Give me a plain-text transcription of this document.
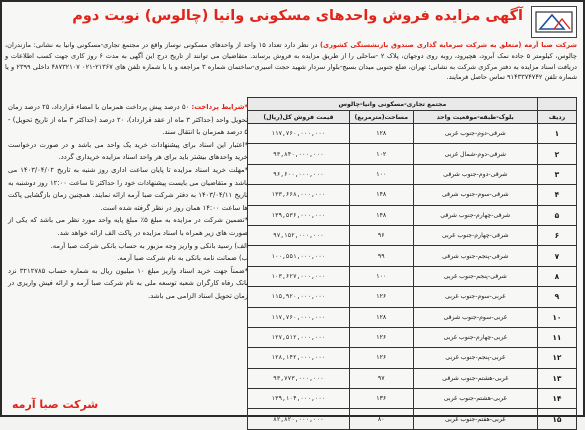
آگهی مزایده فروش واحدهای مسکونی وانیا (چالوس) نوبت دوم
شرکت صبا آرمه (متعلق به شرکت سرمایه گذاری صندوق بازنشستگی کشوری) در نظر دارد تعداد ۱۵ واحد از واحدهای مسکونی نوساز واقع در مجتمع تجاری-مسکونی وانیا به نشانی: مازندران، چالوس، کیلومتر ۵ جاده نمک آبرود، هچیرود، روبه روی دوجهان، پلاک ۲ -ساحلی را از طریق مزایده به فروش برساند. متقاضیان می توانند از تاریخ درج این آگهی به مدت ۶ روز کاری جهت کسب اطلاعات و دریافت اسناد مزایده به دفتر مرکزی شرکت به نشانی: تهران، ضلع جنوبی میدان بسیج-بلوار سردار شهید حجت اسیری-ساختمان شماره ۳ مراجعه و یا با شماره تلفن های ۲۱۳۶۷-۰۲۱ ۴۸۷۳۲۱۰۷ داخلی ۲۳۹۹ و یا شماره تلفن ۹۱۴۳۳۷۴۷۴۲ تماس حاصل فرمایند.
	مجتمع تجاری-مسکونی وانیا-چالوس		
ردیف	بلوک-طبقه-موقعیت واحد	مساحت(مترمربع)	قیمت فروش کل(ریال)
۱	شرقی-دوم-جنوب غربی	۱۲۸	۱۱۷,۷۶۰,۰۰۰,۰۰۰
۲	شرقی-دوم-شمال غربی	۱۰۲	۹۳,۸۴۰,۰۰۰,۰۰۰
۳	شرقی-دوم-جنوب شرقی	۱۰۰	۹۶,۶۰۰,۰۰۰,۰۰۰
۴	شرقی-سوم-جنوب شرقی	۱۴۸	۱۳۳,۶۶۸,۰۰۰,۰۰۰
۵	شرقی-چهارم-جنوب شرقی	۱۴۸	۱۳۹,۵۳۶,۰۰۰,۰۰۰
۶	شرقی-چهارم-جنوب غربی	۹۶	۹۷,۱۵۲,۰۰۰,۰۰۰
۷	شرقی-پنجم-جنوب شرقی	۹۹	۱۰۰,۵۵۱,۰۰۰,۰۰۰
۸	شرقی-پنجم-جنوب غربی	۱۰۰	۱۰۳,۶۲۷,۰۰۰,۰۰۰
۹	غربی-سوم-جنوب غربی	۱۲۶	۱۱۵,۹۲۰,۰۰۰,۰۰۰
۱۰	غربی-سوم-جنوب شرقی	۱۲۸	۱۱۷,۷۶۰,۰۰۰,۰۰۰
۱۱	غربی-چهارم-جنوب غربی	۱۲۶	۱۲۷,۵۱۲,۰۰۰,۰۰۰
۱۲	غربی-پنجم-جنوب غربی	۱۲۶	۱۲۸,۱۴۲,۰۰۰,۰۰۰
۱۳	غربی-هشتم-جنوب شرقی	۹۷	۹۳,۷۷۳,۰۰۰,۰۰۰
۱۴	غربی-هشتم-جنوب غربی	۱۳۶	۱۳۹,۱۰۴,۰۰۰,۰۰۰
۱۵	غربی-هفتم-جنوب غربی	۸۰	۸۲,۸۲۰,۰۰۰,۰۰۰
*شرایط پرداخت: ۵۰ درصد پیش پرداخت همزمان با امضاء قرارداد، ۲۵ درصد زمان تحویل واحد (حداکثر ۳ ماه از عقد قرارداد)، ۲۰ درصد (حداکثر ۳ ماه از تاریخ تحویل) - ۵ درصد همزمان با انتقال سند.
*اعتبار این اسناد برای پیشنهادات خرید یک واحد می باشد و در صورت درخواست خرید واحدهای بیشتر باید برای هر واحد اسناد مزایده خریداری گردد.
*مهلت خرید اسناد مزایده تا پایان ساعت اداری روز شنبه به تاریخ ۱۴۰۳/۰۴/۰۲ می باشد و متقاضیان می بایست پیشنهادات خود را حداکثر تا ساعت ۱۲:۰۰ روز دوشنبه به تاریخ ۱۴۰۳/۰۴/۱۱ به دفتر شرکت صبا آرمه ارائه نمایند. همچنین زمان بازگشایی پاکت ها ساعت ۱۴:۰۰ همان روز در نظر گرفته شده است.
*تضمین شرکت در مزایده به مبلغ ۵٪ مبلغ پایه واحد مورد نظر می باشد که یکی از صورت های زیر همراه با اسناد مزایده در پاکت الف ارائه خواهد شد.
الف) رسید بانکی و واریز وجه مزبور به حساب بانکی شرکت صبا آرمه.
ب) ضمانت نامه بانکی به نام شرکت صبا آرمه.
*ضمناً جهت خرید اسناد واریز مبلغ ۱۰ میلیون ریال به شماره حساب ۳۲۱۲۷۸۵ نزد بانک رفاه کارگران شعبه توسعه ملی به نام شرکت صبا آرمه و ارائه فیش واریزی در زمان تحویل اسناد الزامی می باشد.
شرکت صبا آرمه
